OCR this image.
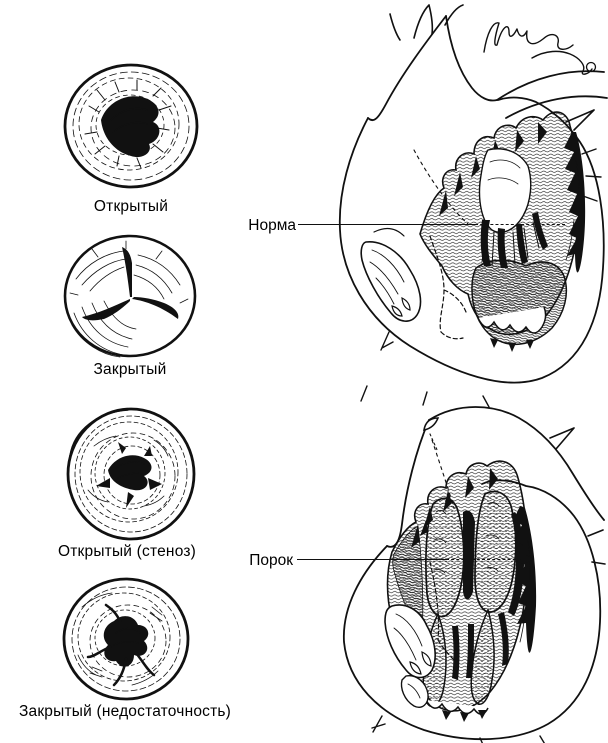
Открытый
Закрытый
Открытый (стеноз)
Закрытый (недостаточность)
Норма
Порок
